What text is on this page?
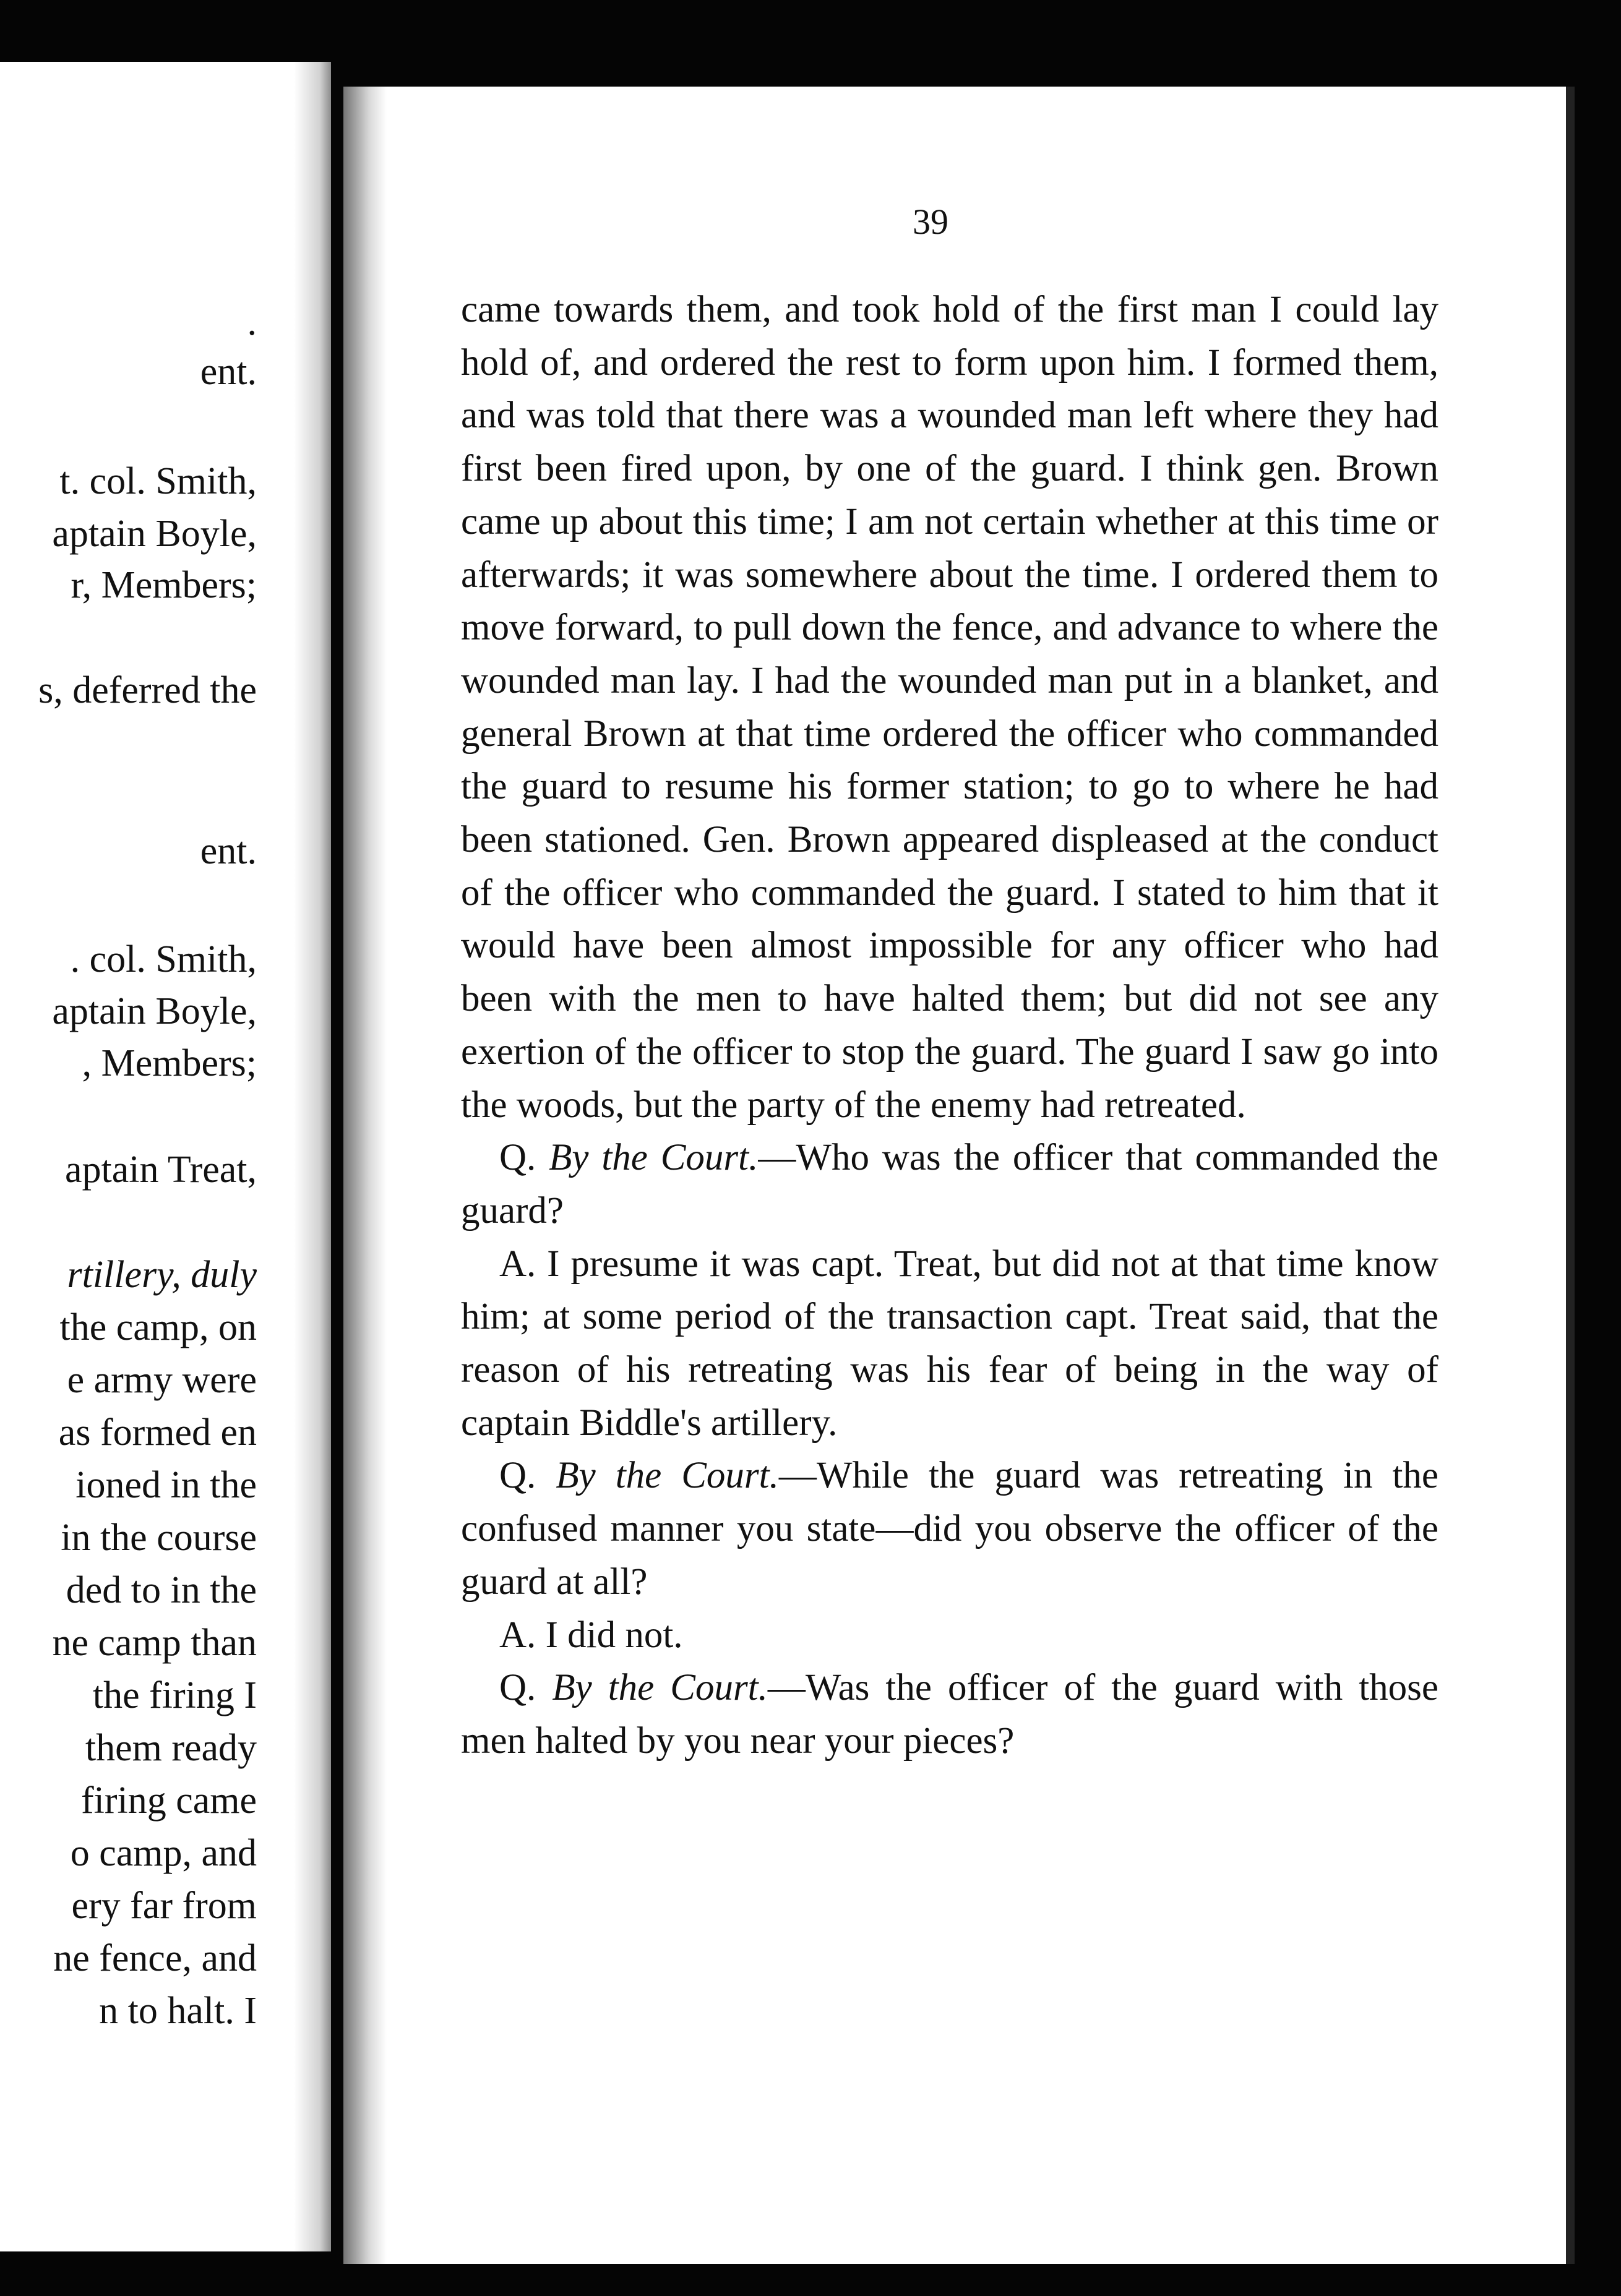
.
ent.
t. col. Smith,
aptain Boyle,
r, Members;
s, deferred the
ent.
. col. Smith,
aptain Boyle,
, Members;
aptain Treat,
rtillery, duly
the camp, on
e army were
as formed en
ioned in the
in the course
ded to in the
ne camp than
the firing I
them ready
firing came
o camp, and
ery far from
ne fence, and
n to halt. I
39

came towards them, and took hold of the first man I could lay hold of, and ordered the rest to form upon him. I formed them, and was told that there was a wounded man left where they had first been fired upon, by one of the guard. I think gen. Brown came up about this time; I am not certain whether at this time or afterwards; it was somewhere about the time. I ordered them to move forward, to pull down the fence, and advance to where the wounded man lay. I had the wounded man put in a blanket, and general Brown at that time ordered the officer who commanded the guard to resume his former station; to go to where he had been stationed. Gen. Brown appeared displeased at the conduct of the officer who commanded the guard. I stated to him that it would have been almost impossible for any officer who had been with the men to have halted them; but did not see any exertion of the officer to stop the guard. The guard I saw go into the woods, but the party of the enemy had retreated.

Q. By the Court.—Who was the officer that commanded the guard?

A. I presume it was capt. Treat, but did not at that time know him; at some period of the transaction capt. Treat said, that the reason of his retreating was his fear of being in the way of captain Biddle's artillery.

Q. By the Court.—While the guard was retreating in the confused manner you state—did you observe the officer of the guard at all?

A. I did not.

Q. By the Court.—Was the officer of the guard with those men halted by you near your pieces?
